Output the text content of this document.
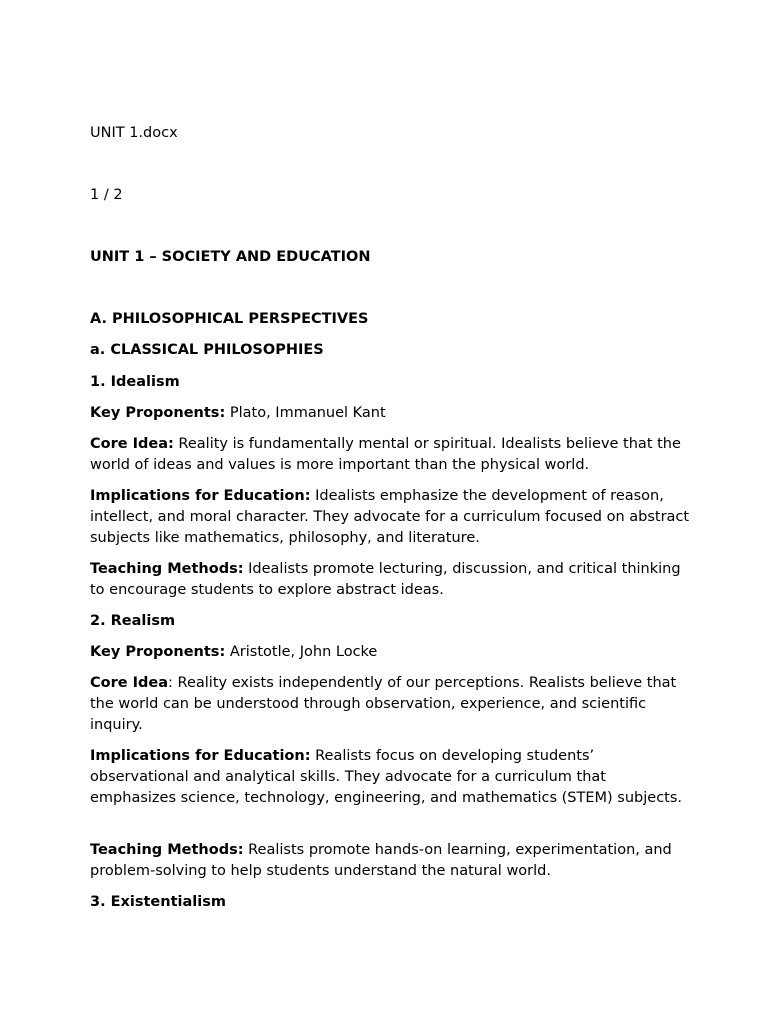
UNIT 1.docx

1 / 2

UNIT 1 – SOCIETY AND EDUCATION

A. PHILOSOPHICAL PERSPECTIVES

a. CLASSICAL PHILOSOPHIES

1. Idealism

Key Proponents: Plato, Immanuel Kant

Core Idea: Reality is fundamentally mental or spiritual. Idealists believe that the world of ideas and values is more important than the physical world.

Implications for Education: Idealists emphasize the development of reason, intellect, and moral character. They advocate for a curriculum focused on abstract subjects like mathematics, philosophy, and literature.

Teaching Methods: Idealists promote lecturing, discussion, and critical thinking to encourage students to explore abstract ideas.

2. Realism

Key Proponents: Aristotle, John Locke

Core Idea: Reality exists independently of our perceptions. Realists believe that the world can be understood through observation, experience, and scientific inquiry.

Implications for Education: Realists focus on developing students’ observational and analytical skills. They advocate for a curriculum that emphasizes science, technology, engineering, and mathematics (STEM) subjects.

Teaching Methods: Realists promote hands-on learning, experimentation, and problem-solving to help students understand the natural world.

3. Existentialism
